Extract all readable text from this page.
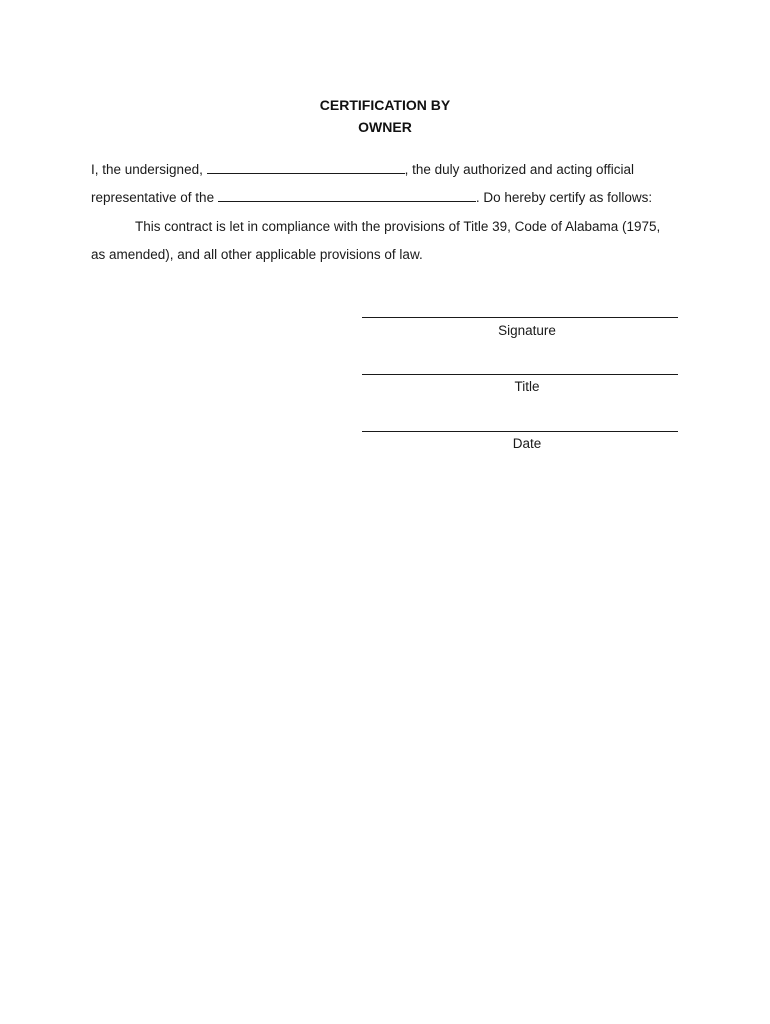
CERTIFICATION BY
OWNER
I, the undersigned,	, the duly authorized and acting official
representative of the	. Do hereby certify as follows:
This contract is let in compliance with the provisions of Title 39, Code of Alabama (1975,
as amended), and all other applicable provisions of law.
Signature
Title
Date
